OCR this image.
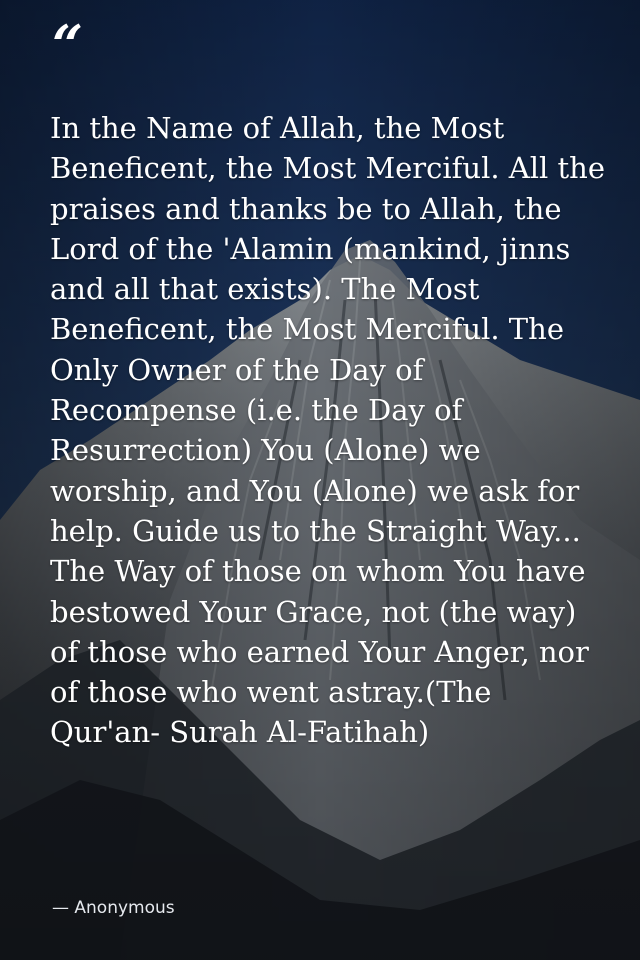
“

In the Name of Allah, the Most Beneficent, the Most Merciful. All the praises and thanks be to Allah, the Lord of the 'Alamin (mankind, jinns and all that exists). The Most Beneficent, the Most Merciful. The Only Owner of the Day of Recompense (i.e. the Day of Resurrection) You (Alone) we worship, and You (Alone) we ask for help. Guide us to the Straight Way... The Way of those on whom You have bestowed Your Grace, not (the way) of those who earned Your Anger, nor of those who went astray.(The Qur'an- Surah Al-Fatihah)

— Anonymous
